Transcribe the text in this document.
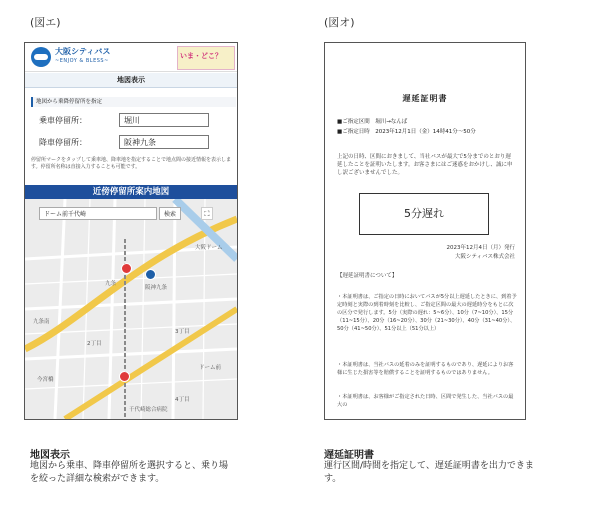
(図エ)	(図オ)
大阪シティバス
~ENJOY & BLESS~
いま・どこ？
地図表示
地図から乗降停留所を指定
乗車停留所：	堀川
降車停留所：	阪神九条
停留所マークをタップして乗車地、降車地を指定することで地点間の接近情報を表示します。停留所名称は直接入力することも可能です。
近傍停留所案内地図
ドーム前千代崎	検索	⛶
九条南
九条
阪神九条
大阪ドーム
ドーム前
3丁目
2丁目
4丁目
今宮橋
千代崎総合病院
遅延証明書
■ご指定区間　堀川→なんば
■ご指定日時　2023年12月1日（金）14時41分～50分
上記の日時、区間におきまして、当社バスが最大で5分までのとおり遅延したことを証明いたします。お客さまにはご迷惑をおかけし、誠に申し訳ございませんでした。
5分遅れ
2023年12月4日（月）発行
大阪シティバス株式会社
【遅延証明書について】
・本証明書は、ご指定の日時においてバスが5分以上遅延したときに、到着予定時刻と実際の到着時刻を比較し、ご指定区間の最大の遅延時分をもとに次の区分で発行します。5分（実際の遅れ：5~6分）、10分（7~10分）、15分（11~15分）、20分（16~20分）、30分（21~30分）、40分（31~40分）、50分（41~50分）、51分以上（51分以上）
・本証明書は、当社バスの延着のみを証明するものであり、遅延によりお客様に生じた損害等を賠償することを証明するものではありません。
・本証明書は、お客様がご指定された日時、区間で発生した、当社バスの最大の
地図表示
地図から乗車、降車停留所を選択すると、乗り場を絞った詳細な検索ができます。
遅延証明書
運行区間/時間を指定して、遅延証明書を出力できます。
